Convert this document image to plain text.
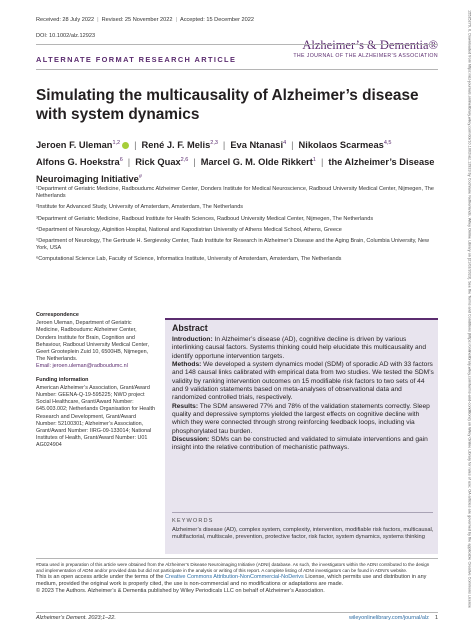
Received: 28 July 2022 | Revised: 25 November 2022 | Accepted: 15 December 2022
DOI: 10.1002/alz.12923
Alzheimer’s & Dementia®
THE JOURNAL OF THE ALZHEIMER’S ASSOCIATION
ALTERNATE FORMAT RESEARCH ARTICLE
Simulating the multicausality of Alzheimer’s disease with system dynamics
Jeroen F. Uleman$^{1,2}$ | René J. F. Melis$^{2,3}$ | Eva Ntanasi$^4$ | Nikolaos Scarmeas$^{4,5}$
Alfons G. Hoekstra$^6$ | Rick Quax$^{2,6}$ | Marcel G. M. Olde Rikkert$^1$ | the Alzheimer’s Disease Neuroimaging Initiative#

¹Department of Geriatric Medicine, Radboudumc Alzheimer Center, Donders Institute for Medical Neuroscience, Radboud University Medical Center, Nijmegen, The Netherlands

²Institute for Advanced Study, University of Amsterdam, Amsterdam, The Netherlands

³Department of Geriatric Medicine, Radboud Institute for Health Sciences, Radboud University Medical Center, Nijmegen, The Netherlands

⁴Department of Neurology, Aiginition Hospital, National and Kapodistrian University of Athens Medical School, Athens, Greece

⁵Department of Neurology, The Gertrude H. Sergievsky Center, Taub Institute for Research in Alzheimer’s Disease and the Aging Brain, Columbia University, New York, USA

⁶Computational Science Lab, Faculty of Science, Informatics Institute, University of Amsterdam, Amsterdam, The Netherlands

Correspondence

Jeroen Uleman, Department of Geriatric Medicine, Radboudumc Alzheimer Center, Donders Institute for Brain, Cognition and Behaviour, Radboud University Medical Center, Geert Grooteplein Zuid 10, 6500HB, Nijmegen, The Netherlands.

Email: jeroen.uleman@radboudumc.nl

Funding information

American Alzheimer’s Association, Grant/Award Number: GEENA-Q-19-595225; NWO project Social Healthcare, Grant/Award Number: 645.003.002; Netherlands Organisation for Health Research and Development, Grant/Award Number: 52100301; Alzheimer’s Association, Grant/Award Number: IIRG-09-133014; National Institutes of Health, Grant/Award Number: U01 AG024904

Abstract

Introduction: In Alzheimer’s disease (AD), cognitive decline is driven by various interlinking causal factors. Systems thinking could help elucidate this multicausality and identify opportune intervention targets.

Methods: We developed a system dynamics model (SDM) of sporadic AD with 33 factors and 148 causal links calibrated with empirical data from two studies. We tested the SDM’s validity by ranking intervention outcomes on 15 modifiable risk factors to two sets of 44 and 9 validation statements based on meta-analyses of observational data and randomized controlled trials, respectively.

Results: The SDM answered 77% and 78% of the validation statements correctly. Sleep quality and depressive symptoms yielded the largest effects on cognitive decline with which they were connected through strong reinforcing feedback loops, including via phosphorylated tau burden.

Discussion: SDMs can be constructed and validated to simulate interventions and gain insight into the relative contribution of mechanistic pathways.

KEYWORDS
Alzheimer’s disease (AD), complex system, complexity, intervention, modifiable risk factors, multicausal, multifactorial, multiscale, prevention, protective factor, risk factor, system dynamics, systems thinking

#Data used in preparation of this article were obtained from the Alzheimer’s Disease Neuroimaging Initiative (ADNI) database. As such, the investigators within the ADNI contributed to the design and implementation of ADNI and/or provided data but did not participate in the analysis or writing of this report. A complete listing of ADNI investigators can be found in ADNI’s website.

This is an open access article under the terms of the Creative Commons Attribution-NonCommercial-NoDerivs License, which permits use and distribution in any medium, provided the original work is properly cited, the use is non-commercial and no modifications or adaptations are made.

© 2023 The Authors. Alzheimer’s & Dementia published by Wiley Periodicals LLC on behalf of Alzheimer’s Association.

Alzheimer’s Dement. 2023;1–22.	wileyonlinelibrary.com/journal/alz 1
15525279, 0, Downloaded from https://alz-journals.onlinelibrary.wiley.com/doi/10.1002/alz.12923 by Cochrane Netherlands, Wiley Online Library on [21/02/2023]. See the Terms and Conditions (https://onlinelibrary.wiley.com/terms-and-conditions) on Wiley Online Library for rules of use; OA articles are governed by the applicable Creative Commons License
